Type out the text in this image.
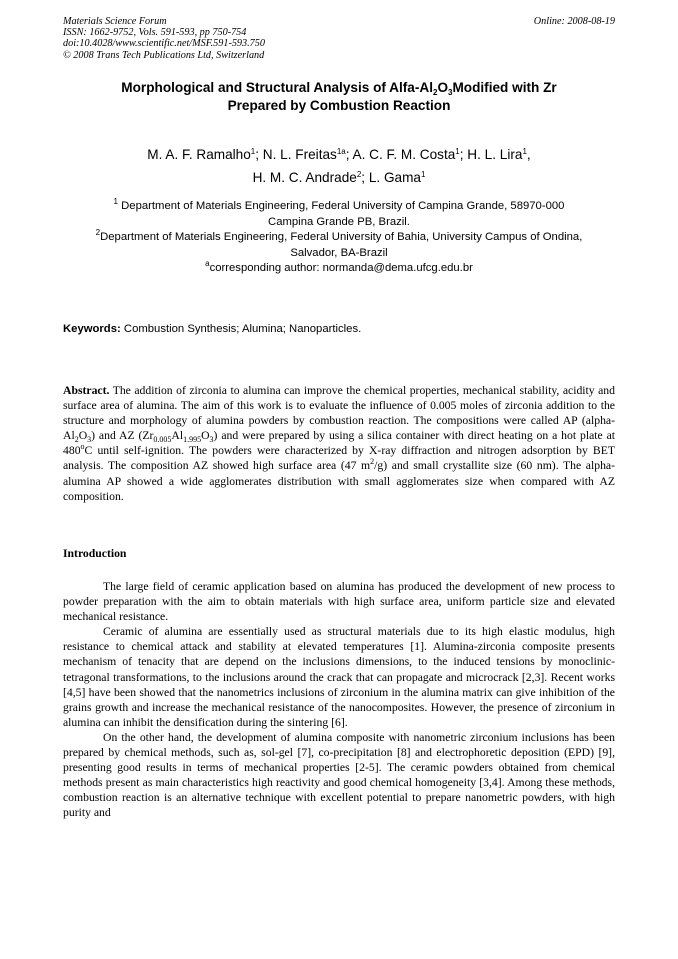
Materials Science Forum
ISSN: 1662-9752, Vols. 591-593, pp 750-754
doi:10.4028/www.scientific.net/MSF.591-593.750
© 2008 Trans Tech Publications Ltd, Switzerland
Online: 2008-08-19
Morphological and Structural Analysis of Alfa-$Al_2O_3Modified$ with Zr
Prepared by Combustion Reaction
M. A. F. Ramalho$^1$; N. L. Freitas$^{1a}$; A. C. F. M. Costa$^1$; H. L. Lira$^1$,
H. M. C. Andrade$^2$; L. Gama$^1$
$^1$ Department of Materials Engineering, Federal University of Campina Grande, 58970-000
Campina Grande PB, Brazil.
$^2$Department of Materials Engineering, Federal University of Bahia, University Campus of Ondina,
Salvador, BA-Brazil
$^a$corresponding author: normanda@dema.ufcg.edu.br
Keywords: Combustion Synthesis; Alumina; Nanoparticles.
Abstract. The addition of zirconia to alumina can improve the chemical properties, mechanical stability, acidity and surface area of alumina. The aim of this work is to evaluate the influence of 0.005 moles of zirconia addition to the structure and morphology of alumina powders by combustion reaction. The compositions were called AP $(alpha-Al_2O_3)$ and AZ $(Zr_{0.005}Al_{1.995}O_3)$ and were prepared by using a silica container with direct heating on a hot plate at 480$^o$C until self-ignition. The powders were characterized by X-ray diffraction and nitrogen adsorption by BET analysis. The composition AZ showed high surface area (47 $m^2/g$) and small crystallite size (60 nm). The alpha-alumina AP showed a wide agglomerates distribution with small agglomerates size when compared with AZ composition.
Introduction

The large field of ceramic application based on alumina has produced the development of new process to powder preparation with the aim to obtain materials with high surface area, uniform particle size and elevated mechanical resistance.

Ceramic of alumina are essentially used as structural materials due to its high elastic modulus, high resistance to chemical attack and stability at elevated temperatures [1]. Alumina-zirconia composite presents mechanism of tenacity that are depend on the inclusions dimensions, to the induced tensions by monoclinic-tetragonal transformations, to the inclusions around the crack that can propagate and microcrack [2,3]. Recent works [4,5] have been showed that the nanometrics inclusions of zirconium in the alumina matrix can give inhibition of the grains growth and increase the mechanical resistance of the nanocomposites. However, the presence of zirconium in alumina can inhibit the densification during the sintering [6].

On the other hand, the development of alumina composite with nanometric zirconium inclusions has been prepared by chemical methods, such as, sol-gel [7], co-precipitation [8] and electrophoretic deposition (EPD) [9], presenting good results in terms of mechanical properties [2-5]. The ceramic powders obtained from chemical methods present as main characteristics high reactivity and good chemical homogeneity [3,4]. Among these methods, combustion reaction is an alternative technique with excellent potential to prepare nanometric powders, with high purity and
